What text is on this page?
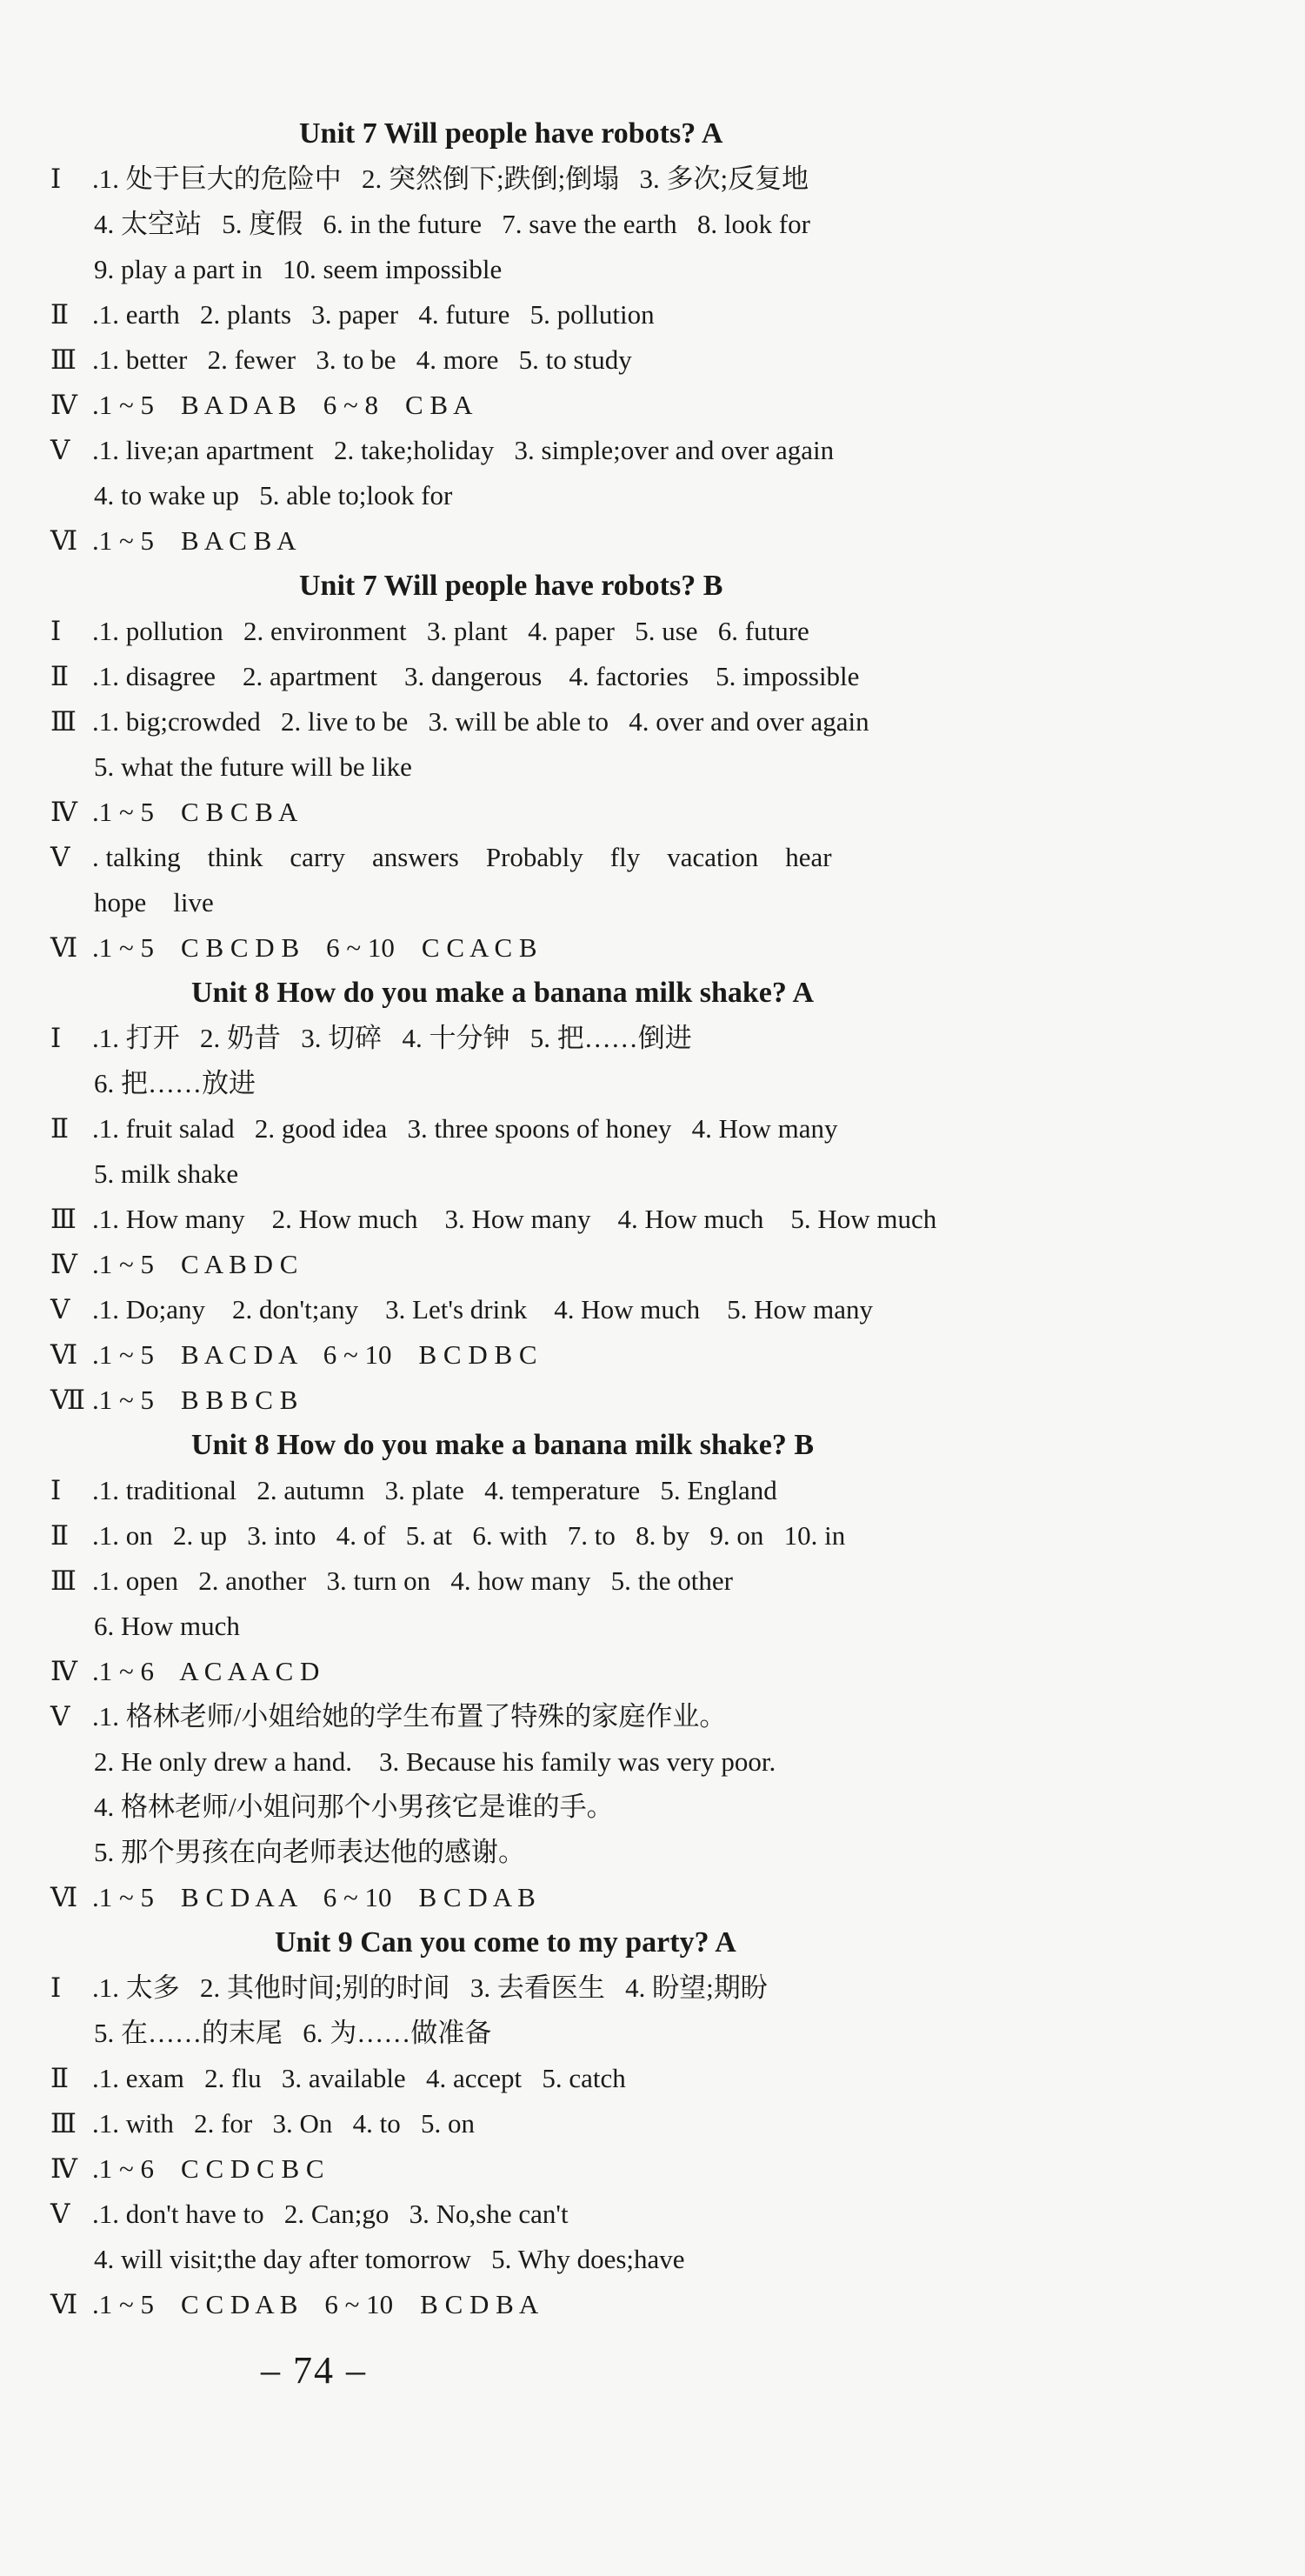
Unit 7 Will people have robots? A
Ⅰ .1. 处于巨大的危险中   2. 突然倒下;跌倒;倒塌   3. 多次;反复地
4. 太空站   5. 度假   6. in the future   7. save the earth   8. look for
9. play a part in   10. seem impossible
Ⅱ .1. earth   2. plants   3. paper   4. future   5. pollution
Ⅲ .1. better   2. fewer   3. to be   4. more   5. to study
Ⅳ .1 ~ 5    B A D A B    6 ~ 8    C B A
Ⅴ .1. live;an apartment   2. take;holiday   3. simple;over and over again
4. to wake up   5. able to;look for
Ⅵ .1 ~ 5    B A C B A
Unit 7 Will people have robots? B
Ⅰ .1. pollution   2. environment   3. plant   4. paper   5. use   6. future
Ⅱ .1. disagree    2. apartment    3. dangerous    4. factories    5. impossible
Ⅲ .1. big;crowded   2. live to be   3. will be able to   4. over and over again
5. what the future will be like
Ⅳ .1 ~ 5    C B C B A
Ⅴ . talking    think    carry    answers    Probably    fly    vacation    hear
hope    live
Ⅵ .1 ~ 5    C B C D B    6 ~ 10    C C A C B
Unit 8 How do you make a banana milk shake? A
Ⅰ .1. 打开   2. 奶昔   3. 切碎   4. 十分钟   5. 把……倒进
6. 把……放进
Ⅱ .1. fruit salad   2. good idea   3. three spoons of honey   4. How many
5. milk shake
Ⅲ .1. How many    2. How much    3. How many    4. How much    5. How much
Ⅳ .1 ~ 5    C A B D C
Ⅴ .1. Do;any    2. don't;any    3. Let's drink    4. How much    5. How many
Ⅵ .1 ~ 5    B A C D A    6 ~ 10    B C D B C
Ⅶ .1 ~ 5    B B B C B
Unit 8 How do you make a banana milk shake? B
Ⅰ .1. traditional   2. autumn   3. plate   4. temperature   5. England
Ⅱ .1. on   2. up   3. into   4. of   5. at   6. with   7. to   8. by   9. on   10. in
Ⅲ .1. open   2. another   3. turn on   4. how many   5. the other
6. How much
Ⅳ .1 ~ 6    A C A A C D
Ⅴ .1. 格林老师/小姐给她的学生布置了特殊的家庭作业。
2. He only drew a hand.    3. Because his family was very poor.
4. 格林老师/小姐问那个小男孩它是谁的手。
5. 那个男孩在向老师表达他的感谢。
Ⅵ .1 ~ 5    B C D A A    6 ~ 10    B C D A B
Unit 9 Can you come to my party? A
Ⅰ .1. 太多   2. 其他时间;别的时间   3. 去看医生   4. 盼望;期盼
5. 在……的末尾   6. 为……做准备
Ⅱ .1. exam   2. flu   3. available   4. accept   5. catch
Ⅲ .1. with   2. for   3. On   4. to   5. on
Ⅳ .1 ~ 6    C C D C B C
Ⅴ .1. don't have to   2. Can;go   3. No,she can't
4. will visit;the day after tomorrow   5. Why does;have
Ⅵ .1 ~ 5    C C D A B    6 ~ 10    B C D B A
– 74 –
